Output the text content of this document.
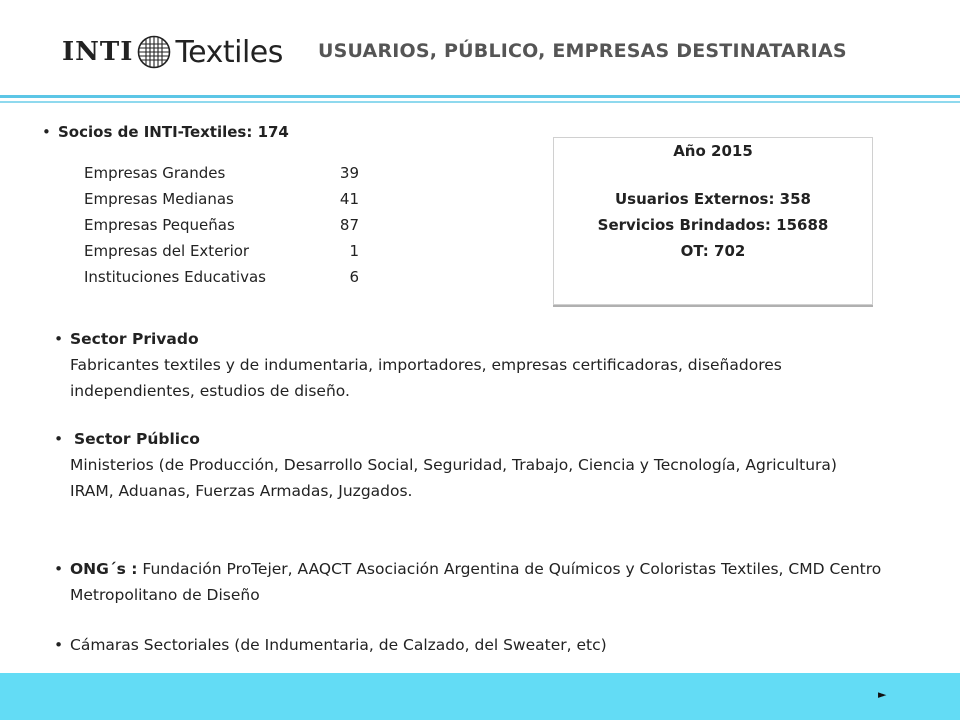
INTI Textiles USUARIOS, PÚBLICO, EMPRESAS DESTINATARIAS
• Socios de INTI-Textiles: 174
Empresas Grandes	39
Empresas Medianas	41
Empresas Pequeñas	87
Empresas del Exterior	1
Instituciones Educativas	6
Año 2015
Usuarios Externos: 358
Servicios Brindados: 15688
OT: 702
• Sector Privado
Fabricantes textiles y de indumentaria, importadores, empresas certificadoras, diseñadores independientes, estudios de diseño.
• Sector Público
Ministerios (de Producción, Desarrollo Social, Seguridad, Trabajo, Ciencia y Tecnología, Agricultura)
IRAM, Aduanas, Fuerzas Armadas, Juzgados.
• ONG´s : Fundación ProTejer, AAQCT Asociación Argentina de Químicos y Coloristas Textiles, CMD Centro Metropolitano de Diseño
• Cámaras Sectoriales (de Indumentaria, de Calzado, del Sweater, etc)
►
